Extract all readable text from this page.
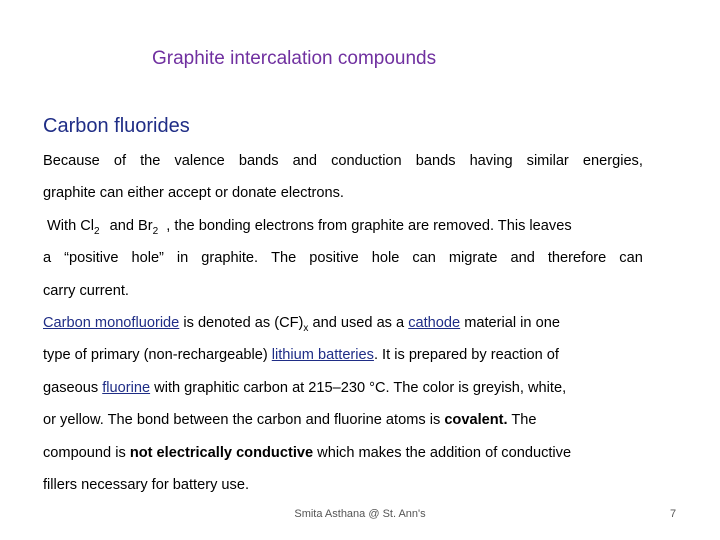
Graphite intercalation compounds
Carbon fluorides
Because of the valence bands and conduction bands having similar energies,
graphite can either accept or donate electrons.
With $Cl_2$ and $Br_2$ , the bonding electrons from graphite are removed. This leaves
a “positive hole” in graphite. The positive hole can migrate and therefore can
carry current.
Carbon monofluoride is denoted as $(CF)_x$ and used as a cathode material in one
type of primary (non-rechargeable) lithium batteries. It is prepared by reaction of
gaseous fluorine with graphitic carbon at 215–230 °C. The color is greyish, white,
or yellow. The bond between the carbon and fluorine atoms is covalent. The
compound is not electrically conductive which makes the addition of conductive
fillers necessary for battery use.
Smita Asthana @ St. Ann's	7
